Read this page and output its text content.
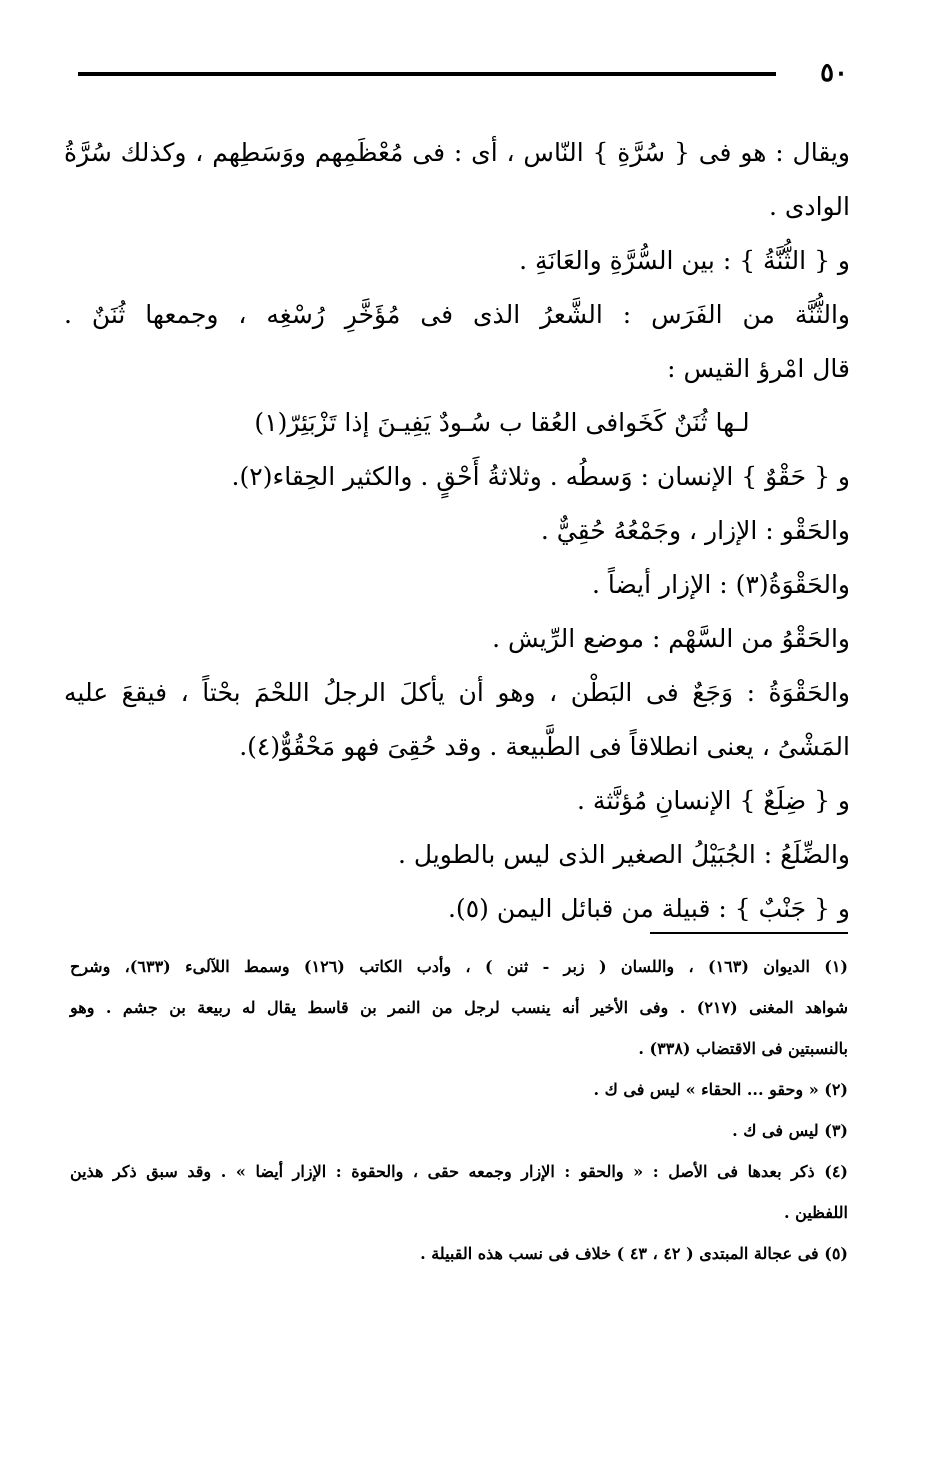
٥٠
ويقال : هو فى { سُرَّةِ } النّاس ، أى : فى مُعْظَمِهم ووَسَطِهم ، وكذلك سُرَّةُ
الوادى .
و { الثُّنَّةُ } : بين السُّرَّةِ والعَانَةِ .
والثُّنَّة من الفَرَس : الشَّعرُ الذى فى مُؤَخَّرِ رُسْغِه ، وجمعها ثُنَنٌ .
قال امْرؤ القيس :
لـها ثُنَنٌ كَخَوافى العُقا ب سُـودٌ يَفِيـنَ إذا تَزْبَئِرّ(١)
و { حَقْوٌ } الإنسان : وَسطُه . وثلاثةُ أَحْقٍ . والكثير الحِقاء(٢).
والحَقْو : الإزار ، وجَمْعُهُ حُقِيٌّ .
والحَقْوَةُ(٣) : الإزار أيضاً .
والحَقْوُ من السَّهْم : موضع الرِّيش .
والحَقْوَةُ : وَجَعٌ فى البَطْن ، وهو أن يأكلَ الرجلُ اللحْمَ بحْتاً ، فيقعَ عليه
المَشْىُ ، يعنى انطلاقاً فى الطَّبيعة . وقد حُقِىَ فهو مَحْقُوٌّ(٤).
و { ضِلَعٌ } الإنسانِ مُؤنَّثة .
والضِّلَعُ : الجُبَيْلُ الصغير الذى ليس بالطويل .
و { جَنْبٌ } : قبيلة من قبائل اليمن (٥).
(١) الديوان (١٦٣) ، واللسان ( زبر - ثنن ) ، وأدب الكاتب (١٢٦) وسمط اللآلىء (٦٣٣)، وشرح
شواهد المغنى (٢١٧) . وفى الأخير أنه ينسب لرجل من النمر بن قاسط يقال له ربيعة بن جشم . وهو
بالنسبتين فى الاقتضاب (٣٣٨) .
(٢) « وحقو ... الحقاء » ليس فى ك .
(٣) ليس فى ك .
(٤) ذكر بعدها فى الأصل : « والحقو : الإزار وجمعه حقى ، والحقوة : الإزار أيضا » . وقد سبق ذكر هذين
اللفظين .
(٥) فى عجالة المبتدى ( ٤٢ ، ٤٣ ) خلاف فى نسب هذه القبيلة .
